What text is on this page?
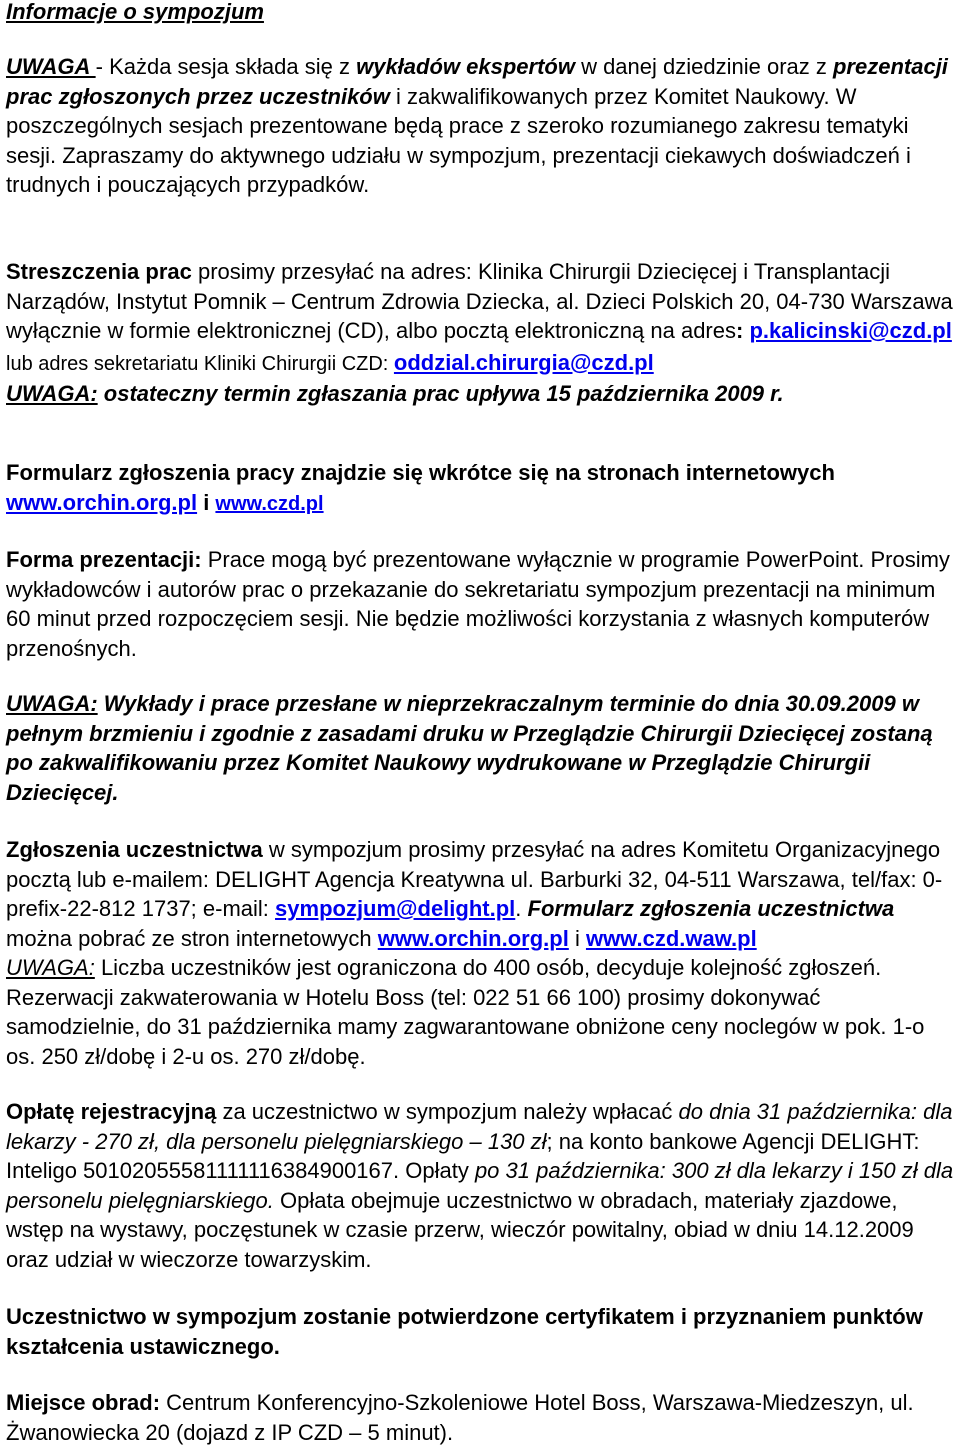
Informacje o sympozjum

UWAGA - Każda sesja składa się z wykładów ekspertów w danej dziedzinie oraz z prezentacji prac zgłoszonych przez uczestników i zakwalifikowanych przez Komitet Naukowy. W poszczególnych sesjach prezentowane będą prace z szeroko rozumianego zakresu tematyki sesji. Zapraszamy do aktywnego udziału w sympozjum, prezentacji ciekawych doświadczeń i trudnych i pouczających przypadków.

Streszczenia prac prosimy przesyłać na adres: Klinika Chirurgii Dziecięcej i Transplantacji Narządów, Instytut Pomnik – Centrum Zdrowia Dziecka, al. Dzieci Polskich 20, 04-730 Warszawa wyłącznie w formie elektronicznej (CD), albo pocztą elektroniczną na adres: p.kalicinski@czd.pl lub adres sekretariatu Kliniki Chirurgii CZD: oddzial.chirurgia@czd.pl
UWAGA: ostateczny termin zgłaszania prac upływa 15 października 2009 r.

Formularz zgłoszenia pracy znajdzie się wkrótce się na stronach internetowych www.orchin.org.pl i www.czd.pl

Forma prezentacji: Prace mogą być prezentowane wyłącznie w programie PowerPoint. Prosimy wykładowców i autorów prac o przekazanie do sekretariatu sympozjum prezentacji na minimum 60 minut przed rozpoczęciem sesji. Nie będzie możliwości korzystania z własnych komputerów przenośnych.

UWAGA: Wykłady i prace przesłane w nieprzekraczalnym terminie do dnia 30.09.2009 w pełnym brzmieniu i zgodnie z zasadami druku w Przeglądzie Chirurgii Dziecięcej zostaną po zakwalifikowaniu przez Komitet Naukowy wydrukowane w Przeglądzie Chirurgii Dziecięcej.

Zgłoszenia uczestnictwa w sympozjum prosimy przesyłać na adres Komitetu Organizacyjnego pocztą lub e-mailem: DELIGHT Agencja Kreatywna ul. Barburki 32, 04-511 Warszawa, tel/fax: 0-prefix-22-812 1737; e-mail: sympozjum@delight.pl. Formularz zgłoszenia uczestnictwa można pobrać ze stron internetowych www.orchin.org.pl i www.czd.waw.pl
UWAGA: Liczba uczestników jest ograniczona do 400 osób, decyduje kolejność zgłoszeń. Rezerwacji zakwaterowania w Hotelu Boss (tel: 022 51 66 100) prosimy dokonywać samodzielnie, do 31 października mamy zagwarantowane obniżone ceny noclegów w pok. 1-o os. 250 zł/dobę i 2-u os. 270 zł/dobę.

Opłatę rejestracyjną za uczestnictwo w sympozjum należy wpłacać do dnia 31 października: dla lekarzy - 270 zł, dla personelu pielęgniarskiego – 130 zł; na konto bankowe Agencji DELIGHT: Inteligo 50102055581111116384900167. Opłaty po 31 października: 300 zł dla lekarzy i 150 zł dla personelu pielęgniarskiego. Opłata obejmuje uczestnictwo w obradach, materiały zjazdowe, wstęp na wystawy, poczęstunek w czasie przerw, wieczór powitalny, obiad w dniu 14.12.2009 oraz udział w wieczorze towarzyskim.

Uczestnictwo w sympozjum zostanie potwierdzone certyfikatem i przyznaniem punktów kształcenia ustawicznego.

Miejsce obrad: Centrum Konferencyjno-Szkoleniowe Hotel Boss, Warszawa-Miedzeszyn, ul. Żwanowiecka 20 (dojazd z IP CZD – 5 minut).
